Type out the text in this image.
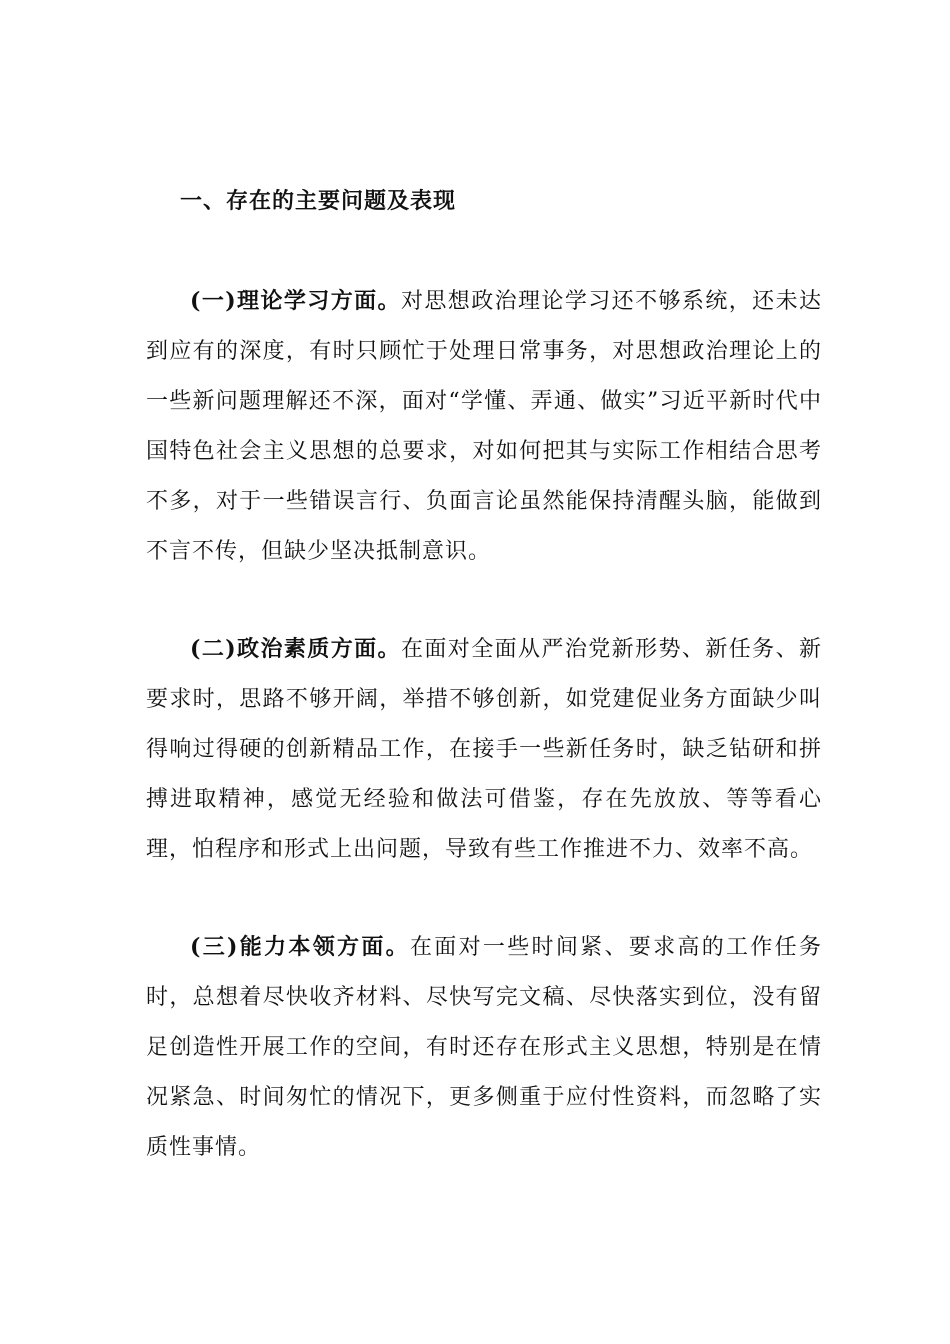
一、存在的主要问题及表现

(一)理论学习方面。对思想政治理论学习还不够系统，还未达到应有的深度，有时只顾忙于处理日常事务，对思想政治理论上的一些新问题理解还不深，面对“学懂、弄通、做实”习近平新时代中国特色社会主义思想的总要求，对如何把其与实际工作相结合思考不多，对于一些错误言行、负面言论虽然能保持清醒头脑，能做到不言不传，但缺少坚决抵制意识。

(二)政治素质方面。在面对全面从严治党新形势、新任务、新要求时，思路不够开阔，举措不够创新，如党建促业务方面缺少叫得响过得硬的创新精品工作，在接手一些新任务时，缺乏钻研和拼搏进取精神，感觉无经验和做法可借鉴，存在先放放、等等看心理，怕程序和形式上出问题，导致有些工作推进不力、效率不高。

(三)能力本领方面。在面对一些时间紧、要求高的工作任务时，总想着尽快收齐材料、尽快写完文稿、尽快落实到位，没有留足创造性开展工作的空间，有时还存在形式主义思想，特别是在情况紧急、时间匆忙的情况下，更多侧重于应付性资料，而忽略了实质性事情。
